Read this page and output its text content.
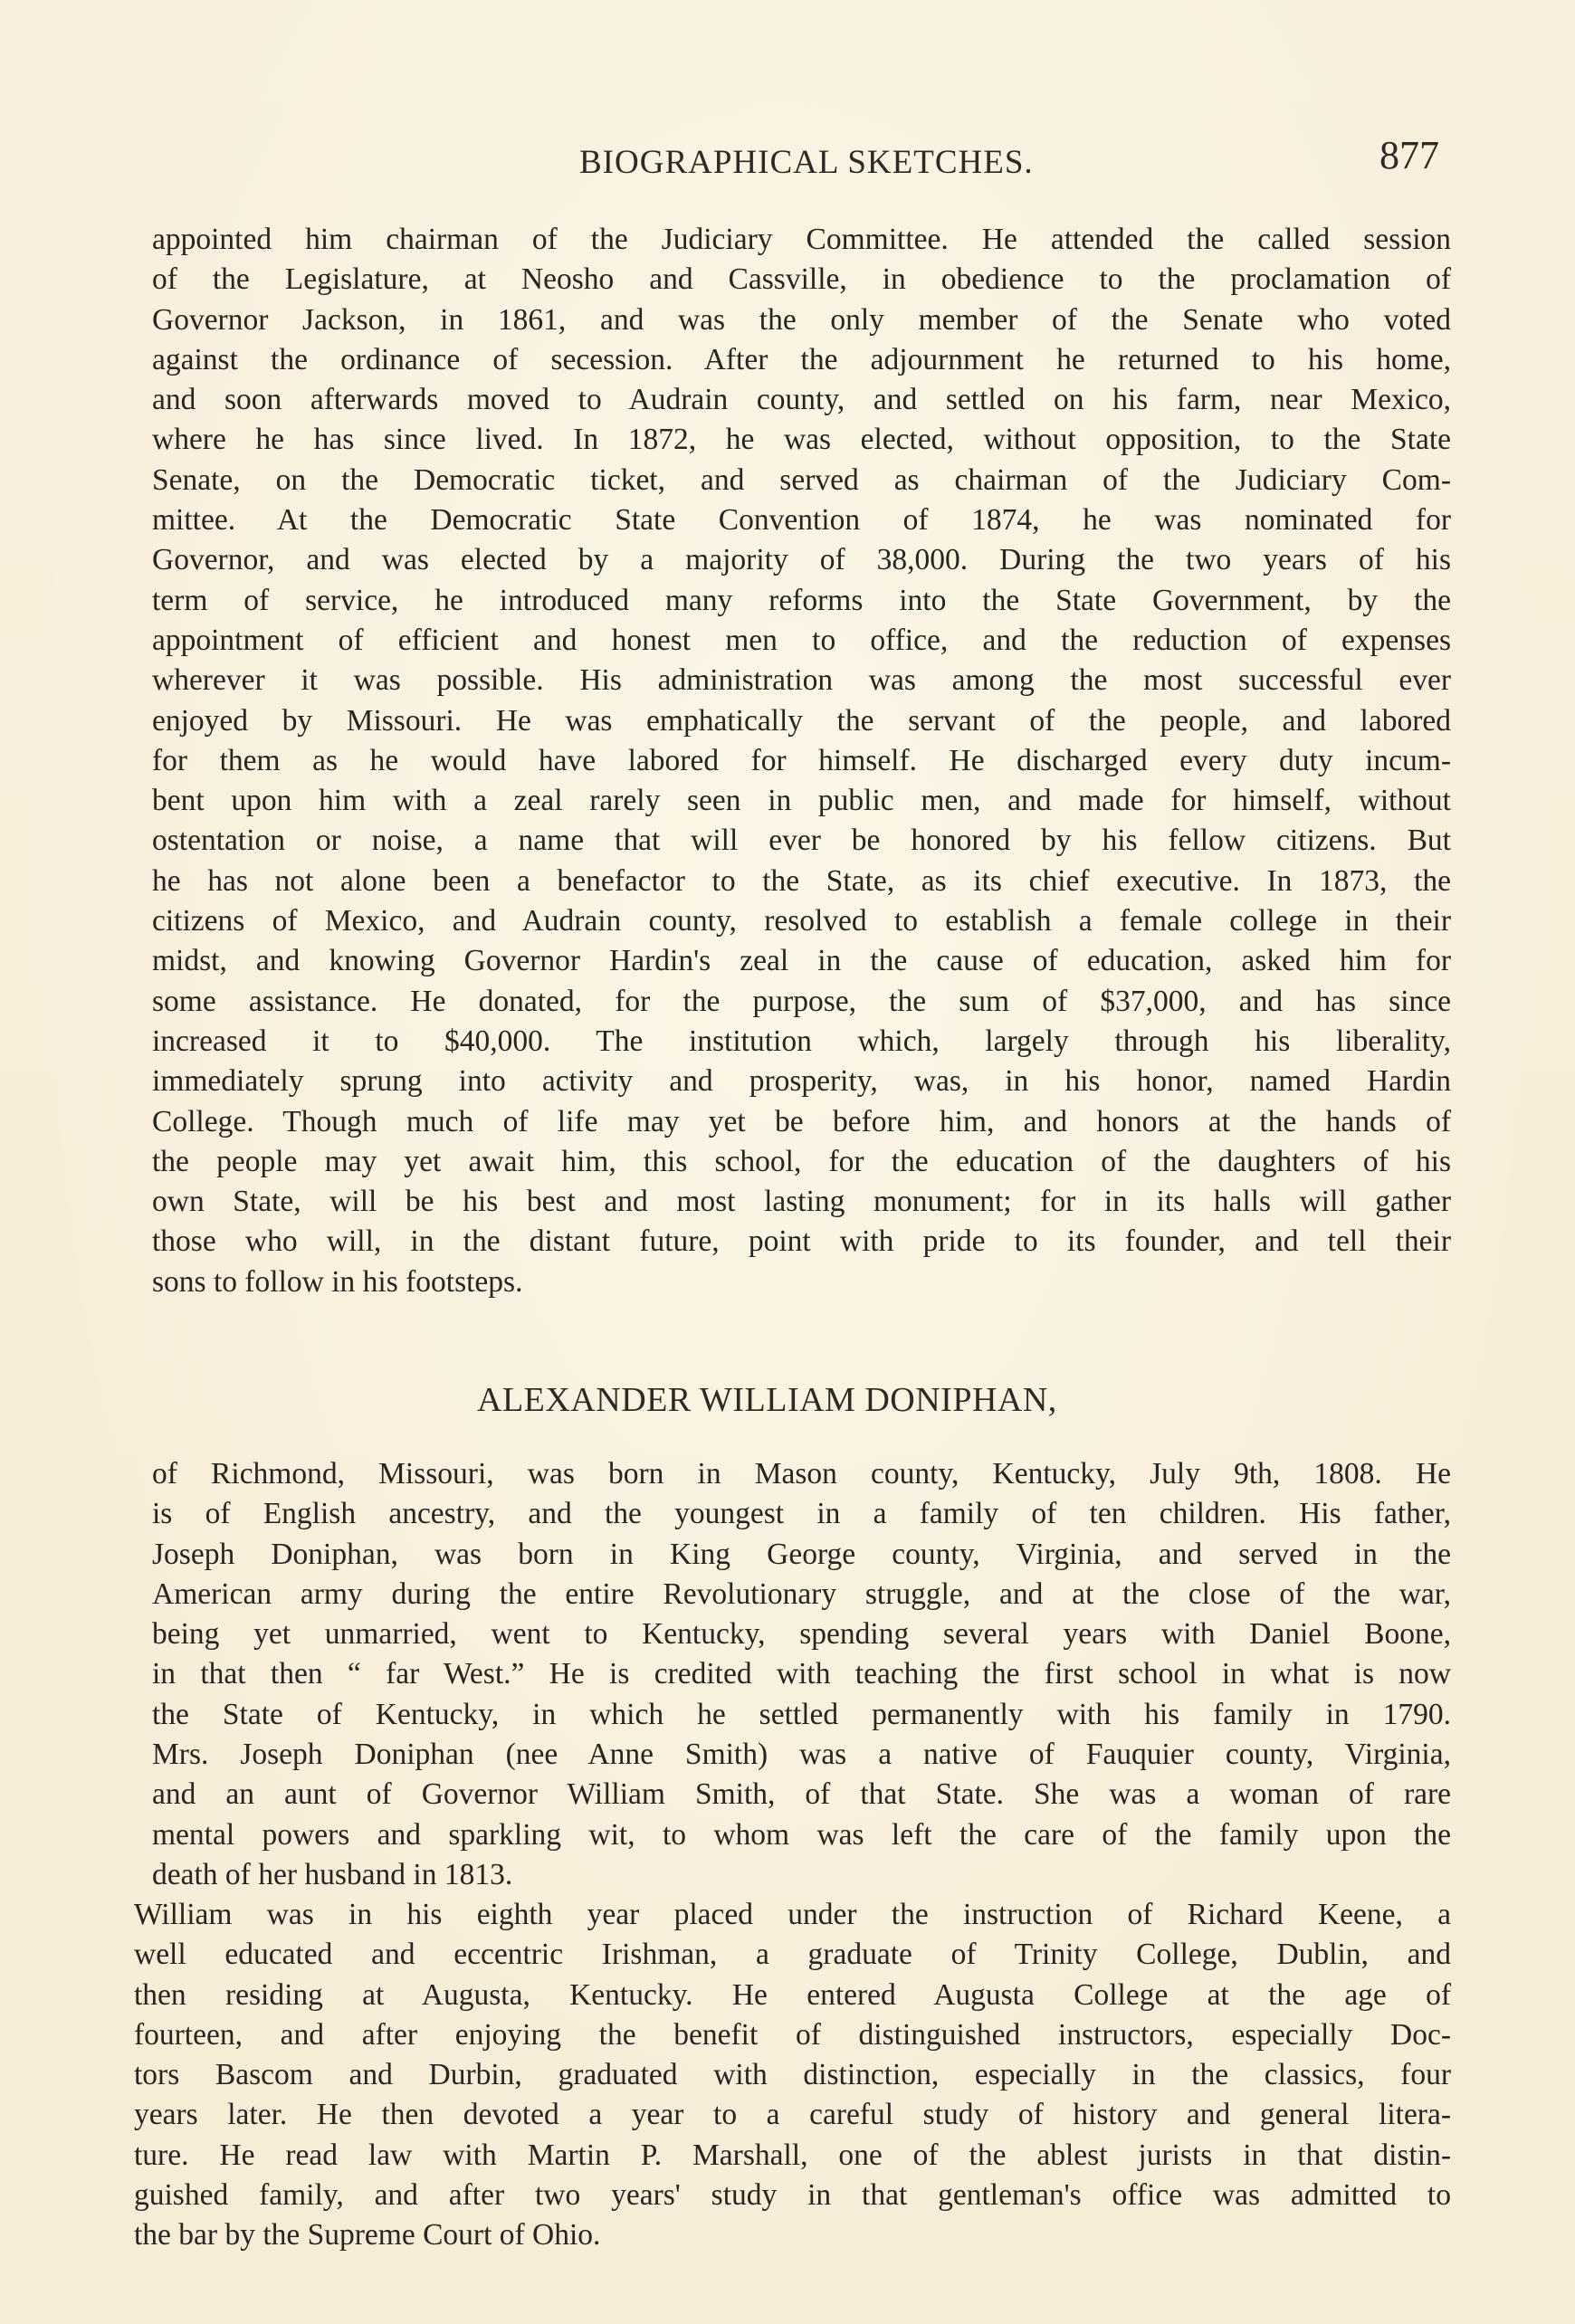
BIOGRAPHICAL SKETCHES.	877
appointed him chairman of the Judiciary Committee. He attended the called session
of the Legislature, at Neosho and Cassville, in obedience to the proclamation of
Governor Jackson, in 1861, and was the only member of the Senate who voted
against the ordinance of secession. After the adjournment he returned to his home,
and soon afterwards moved to Audrain county, and settled on his farm, near Mexico,
where he has since lived. In 1872, he was elected, without opposition, to the State
Senate, on the Democratic ticket, and served as chairman of the Judiciary Com-
mittee. At the Democratic State Convention of 1874, he was nominated for
Governor, and was elected by a majority of 38,000. During the two years of his
term of service, he introduced many reforms into the State Government, by the
appointment of efficient and honest men to office, and the reduction of expenses
wherever it was possible. His administration was among the most successful ever
enjoyed by Missouri. He was emphatically the servant of the people, and labored
for them as he would have labored for himself. He discharged every duty incum-
bent upon him with a zeal rarely seen in public men, and made for himself, without
ostentation or noise, a name that will ever be honored by his fellow citizens. But
he has not alone been a benefactor to the State, as its chief executive. In 1873, the
citizens of Mexico, and Audrain county, resolved to establish a female college in their
midst, and knowing Governor Hardin's zeal in the cause of education, asked him for
some assistance. He donated, for the purpose, the sum of $37,000, and has since
increased it to $40,000. The institution which, largely through his liberality,
immediately sprung into activity and prosperity, was, in his honor, named Hardin
College. Though much of life may yet be before him, and honors at the hands of
the people may yet await him, this school, for the education of the daughters of his
own State, will be his best and most lasting monument; for in its halls will gather
those who will, in the distant future, point with pride to its founder, and tell their
sons to follow in his footsteps.
ALEXANDER WILLIAM DONIPHAN,
of Richmond, Missouri, was born in Mason county, Kentucky, July 9th, 1808. He
is of English ancestry, and the youngest in a family of ten children. His father,
Joseph Doniphan, was born in King George county, Virginia, and served in the
American army during the entire Revolutionary struggle, and at the close of the war,
being yet unmarried, went to Kentucky, spending several years with Daniel Boone,
in that then “ far West.” He is credited with teaching the first school in what is now
the State of Kentucky, in which he settled permanently with his family in 1790.
Mrs. Joseph Doniphan (nee Anne Smith) was a native of Fauquier county, Virginia,
and an aunt of Governor William Smith, of that State. She was a woman of rare
mental powers and sparkling wit, to whom was left the care of the family upon the
death of her husband in 1813.
William was in his eighth year placed under the instruction of Richard Keene, a
well educated and eccentric Irishman, a graduate of Trinity College, Dublin, and
then residing at Augusta, Kentucky. He entered Augusta College at the age of
fourteen, and after enjoying the benefit of distinguished instructors, especially Doc-
tors Bascom and Durbin, graduated with distinction, especially in the classics, four
years later. He then devoted a year to a careful study of history and general litera-
ture. He read law with Martin P. Marshall, one of the ablest jurists in that distin-
guished family, and after two years' study in that gentleman's office was admitted to
the bar by the Supreme Court of Ohio.
